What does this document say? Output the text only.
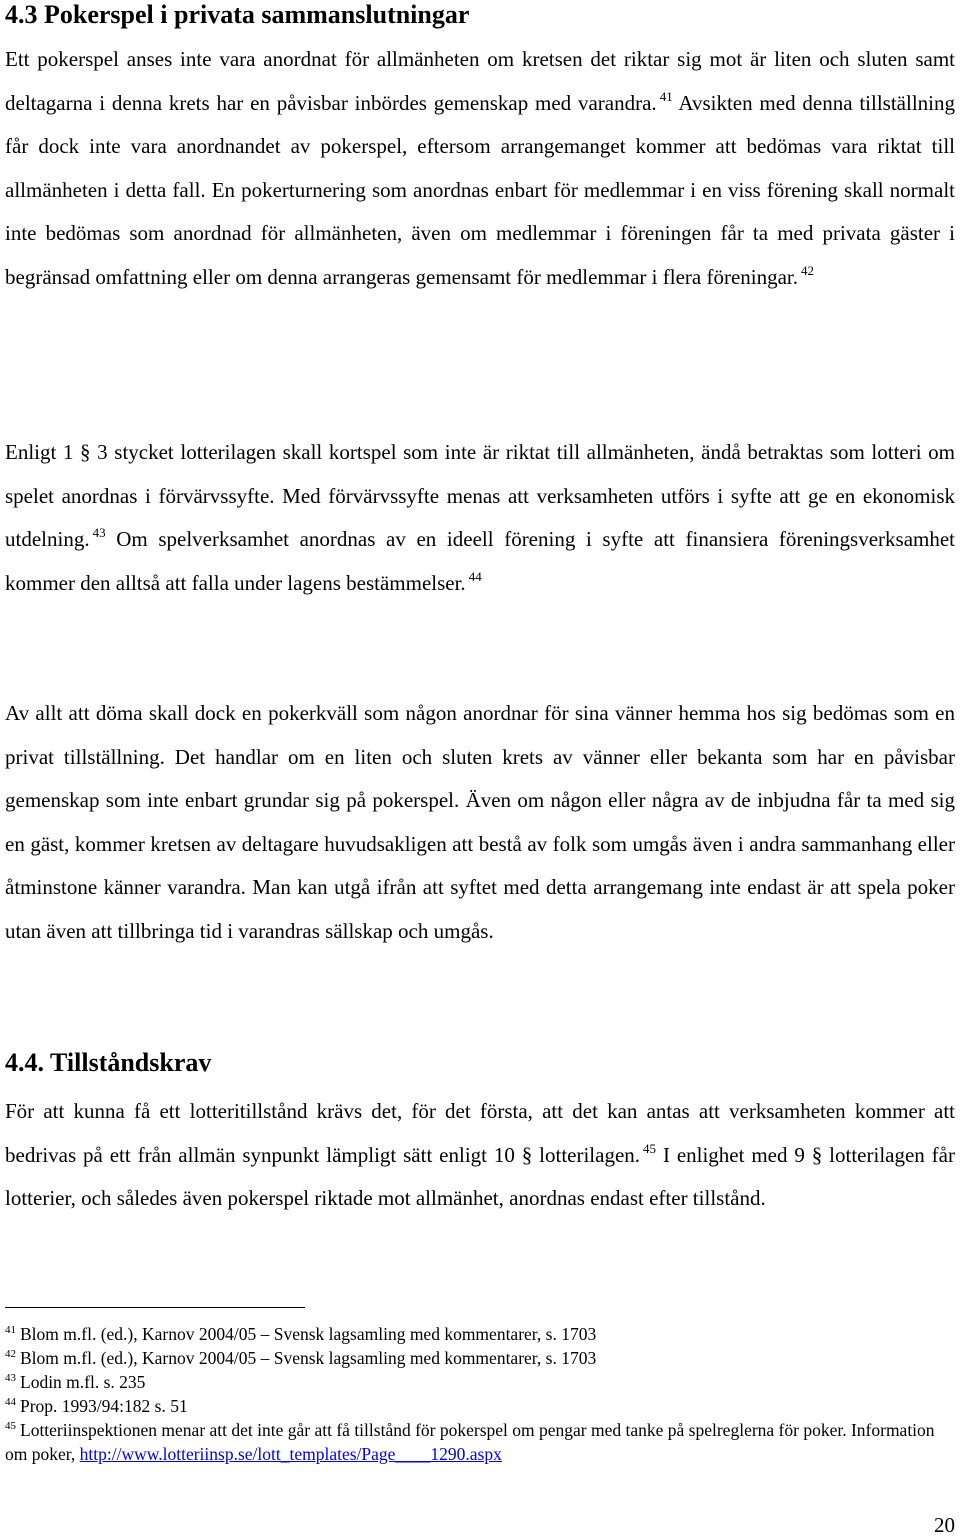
4.3 Pokerspel i privata sammanslutningar

Ett pokerspel anses inte vara anordnat för allmänheten om kretsen det riktar sig mot är liten och sluten samt deltagarna i denna krets har en påvisbar inbördes gemenskap med varandra. $^{41}$ Avsikten med denna tillställning får dock inte vara anordnandet av pokerspel, eftersom arrangemanget kommer att bedömas vara riktat till allmänheten i detta fall. En pokerturnering som anordnas enbart för medlemmar i en viss förening skall normalt inte bedömas som anordnad för allmänheten, även om medlemmar i föreningen får ta med privata gäster i begränsad omfattning eller om denna arrangeras gemensamt för medlemmar i flera föreningar. $^{42}$

Enligt 1 § 3 stycket lotterilagen skall kortspel som inte är riktat till allmänheten, ändå betraktas som lotteri om spelet anordnas i förvärvssyfte. Med förvärvssyfte menas att verksamheten utförs i syfte att ge en ekonomisk utdelning. $^{43}$ Om spelverksamhet anordnas av en ideell förening i syfte att finansiera föreningsverksamhet kommer den alltså att falla under lagens bestämmelser. $^{44}$

Av allt att döma skall dock en pokerkväll som någon anordnar för sina vänner hemma hos sig bedömas som en privat tillställning. Det handlar om en liten och sluten krets av vänner eller bekanta som har en påvisbar gemenskap som inte enbart grundar sig på pokerspel. Även om någon eller några av de inbjudna får ta med sig en gäst, kommer kretsen av deltagare huvudsakligen att bestå av folk som umgås även i andra sammanhang eller åtminstone känner varandra. Man kan utgå ifrån att syftet med detta arrangemang inte endast är att spela poker utan även att tillbringa tid i varandras sällskap och umgås.

4.4. Tillståndskrav

För att kunna få ett lotteritillstånd krävs det, för det första, att det kan antas att verksamheten kommer att bedrivas på ett från allmän synpunkt lämpligt sätt enligt 10 § lotterilagen. $^{45}$ I enlighet med 9 § lotterilagen får lotterier, och således även pokerspel riktade mot allmänhet, anordnas endast efter tillstånd.

$^{41}$ Blom m.fl. (ed.), Karnov 2004/05 – Svensk lagsamling med kommentarer, s. 1703

$^{42}$ Blom m.fl. (ed.), Karnov 2004/05 – Svensk lagsamling med kommentarer, s. 1703

$^{43}$ Lodin m.fl. s. 235

$^{44}$ Prop. 1993/94:182 s. 51

$^{45}$ Lotteriinspektionen menar att det inte går att få tillstånd för pokerspel om pengar med tanke på spelreglerna för poker. Information om poker, http://www.lotteriinsp.se/lott_templates/Page____1290.aspx

20
